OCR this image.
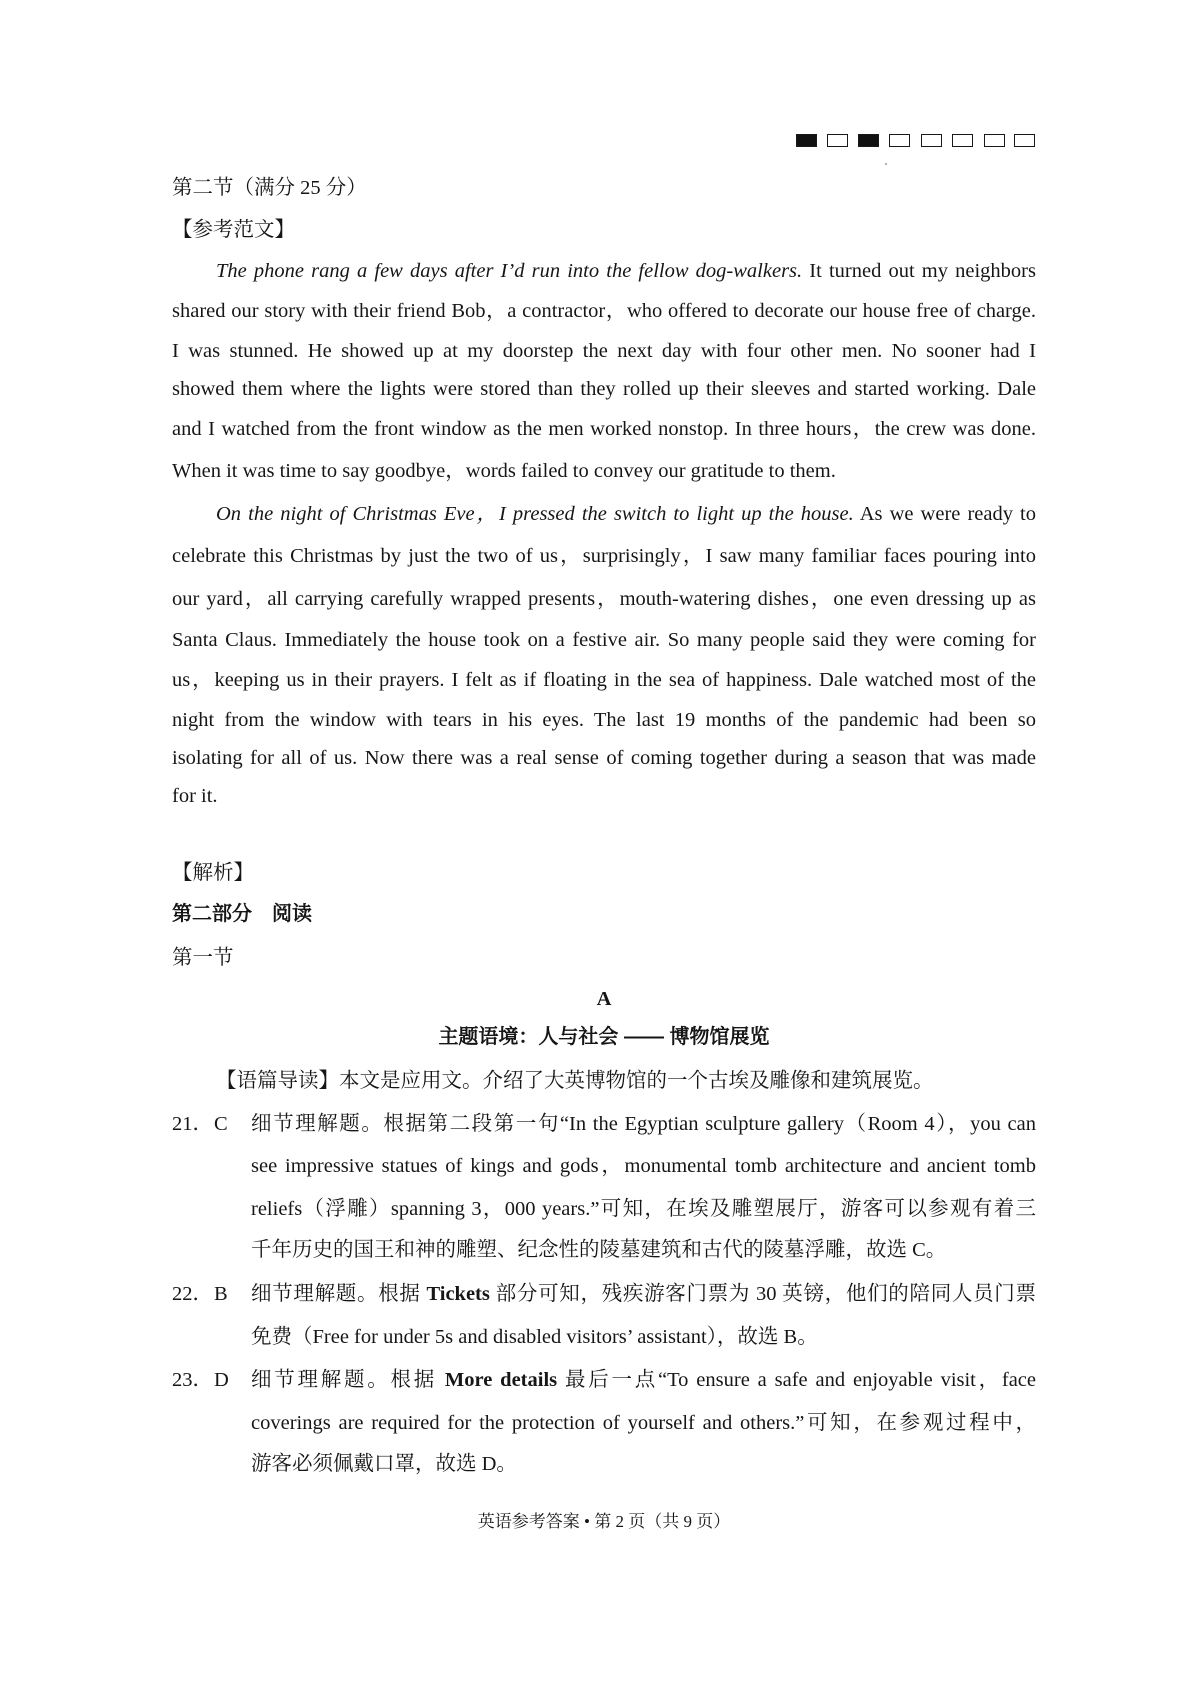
第二节（满分 25 分）
【参考范文】
The phone rang a few days after I’d run into the fellow dog-walkers. It turned out my neighbors
shared our story with their friend Bob，a contractor，who offered to decorate our house free of charge.
I was stunned. He showed up at my doorstep the next day with four other men. No sooner had I
showed them where the lights were stored than they rolled up their sleeves and started working. Dale
and I watched from the front window as the men worked nonstop. In three hours，the crew was done.
When it was time to say goodbye，words failed to convey our gratitude to them.
On the night of Christmas Eve，I pressed the switch to light up the house. As we were ready to
celebrate this Christmas by just the two of us，surprisingly，I saw many familiar faces pouring into
our yard，all carrying carefully wrapped presents，mouth-watering dishes，one even dressing up as
Santa Claus. Immediately the house took on a festive air. So many people said they were coming for
us，keeping us in their prayers. I felt as if floating in the sea of happiness. Dale watched most of the
night from the window with tears in his eyes. The last 19 months of the pandemic had been so
isolating for all of us. Now there was a real sense of coming together during a season that was made
for it.
【解析】
第二部分　阅读
第一节
A
主题语境：人与社会 —— 博物馆展览
【语篇导读】本文是应用文。介绍了大英博物馆的一个古埃及雕像和建筑展览。
21． C 细节理解题。根据第二段第一句“In the Egyptian sculpture gallery（Room 4），you can
see impressive statues of kings and gods，monumental tomb architecture and ancient tomb
reliefs（浮雕）spanning 3，000 years.”可知，在埃及雕塑展厅，游客可以参观有着三
千年历史的国王和神的雕塑、纪念性的陵墓建筑和古代的陵墓浮雕，故选 C。
22． B 细节理解题。根据 Tickets 部分可知，残疾游客门票为 30 英镑，他们的陪同人员门票
免费（Free for under 5s and disabled visitors’ assistant），故选 B。
23． D 细节理解题。根据 More details 最后一点“To ensure a safe and enjoyable visit，face
coverings are required for the protection of yourself and others.”可知，在参观过程中，
游客必须佩戴口罩，故选 D。
英语参考答案 • 第 2 页（共 9 页）
